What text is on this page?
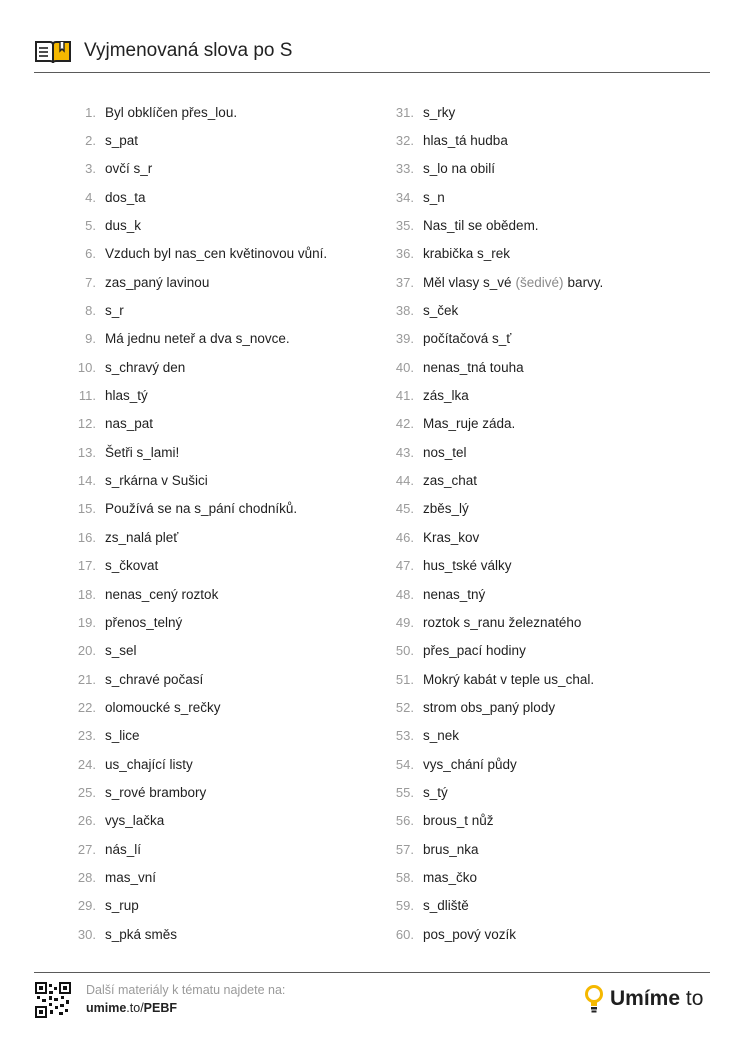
Vyjmenovaná slova po S
1 . Byl obklíčen přes_lou.
2 . s_pat
3 . ovčí s_r
4 . dos_ta
5 . dus_k
6 . Vzduch byl nas_cen květinovou vůní.
7 . zas_paný lavinou
8 . s_r
9 . Má jednu neteř a dva s_novce.
10 . s_chravý den
11 . hlas_tý
12 . nas_pat
13 . Šetři s_lami!
14 . s_rkárna v Sušici
15 . Používá se na s_pání chodníků.
16 . zs_nalá pleť
17 . s_čkovat
18 . nenas_cený roztok
19 . přenos_telný
20 . s_sel
21 . s_chravé počasí
22 . olomoucké s_rečky
23 . s_lice
24 . us_chající listy
25 . s_rové brambory
26 . vys_lačka
27 . nás_lí
28 . mas_vní
29 . s_rup
30 . s_pká směs
31 . s_rky
32 . hlas_tá hudba
33 . s_lo na obilí
34 . s_n
35 . Nas_til se obědem.
36 . krabička s_rek
37 . Měl vlasy s_vé (šedivé) barvy.
38 . s_ček
39 . počítačová s_ť
40 . nenas_tná touha
41 . zás_lka
42 . Mas_ruje záda.
43 . nos_tel
44 . zas_chat
45 . zběs_lý
46 . Kras_kov
47 . hus_tské války
48 . nenas_tný
49 . roztok s_ranu železnatého
50 . přes_pací hodiny
51 . Mokrý kabát v teple us_chal.
52 . strom obs_paný plody
53 . s_nek
54 . vys_chání půdy
55 . s_tý
56 . brous_t nůž
57 . brus_nka
58 . mas_čko
59 . s_dliště
60 . pos_pový vozík
Další materiály k tématu najdete na:
umime.to/PEBF	Umíme to
